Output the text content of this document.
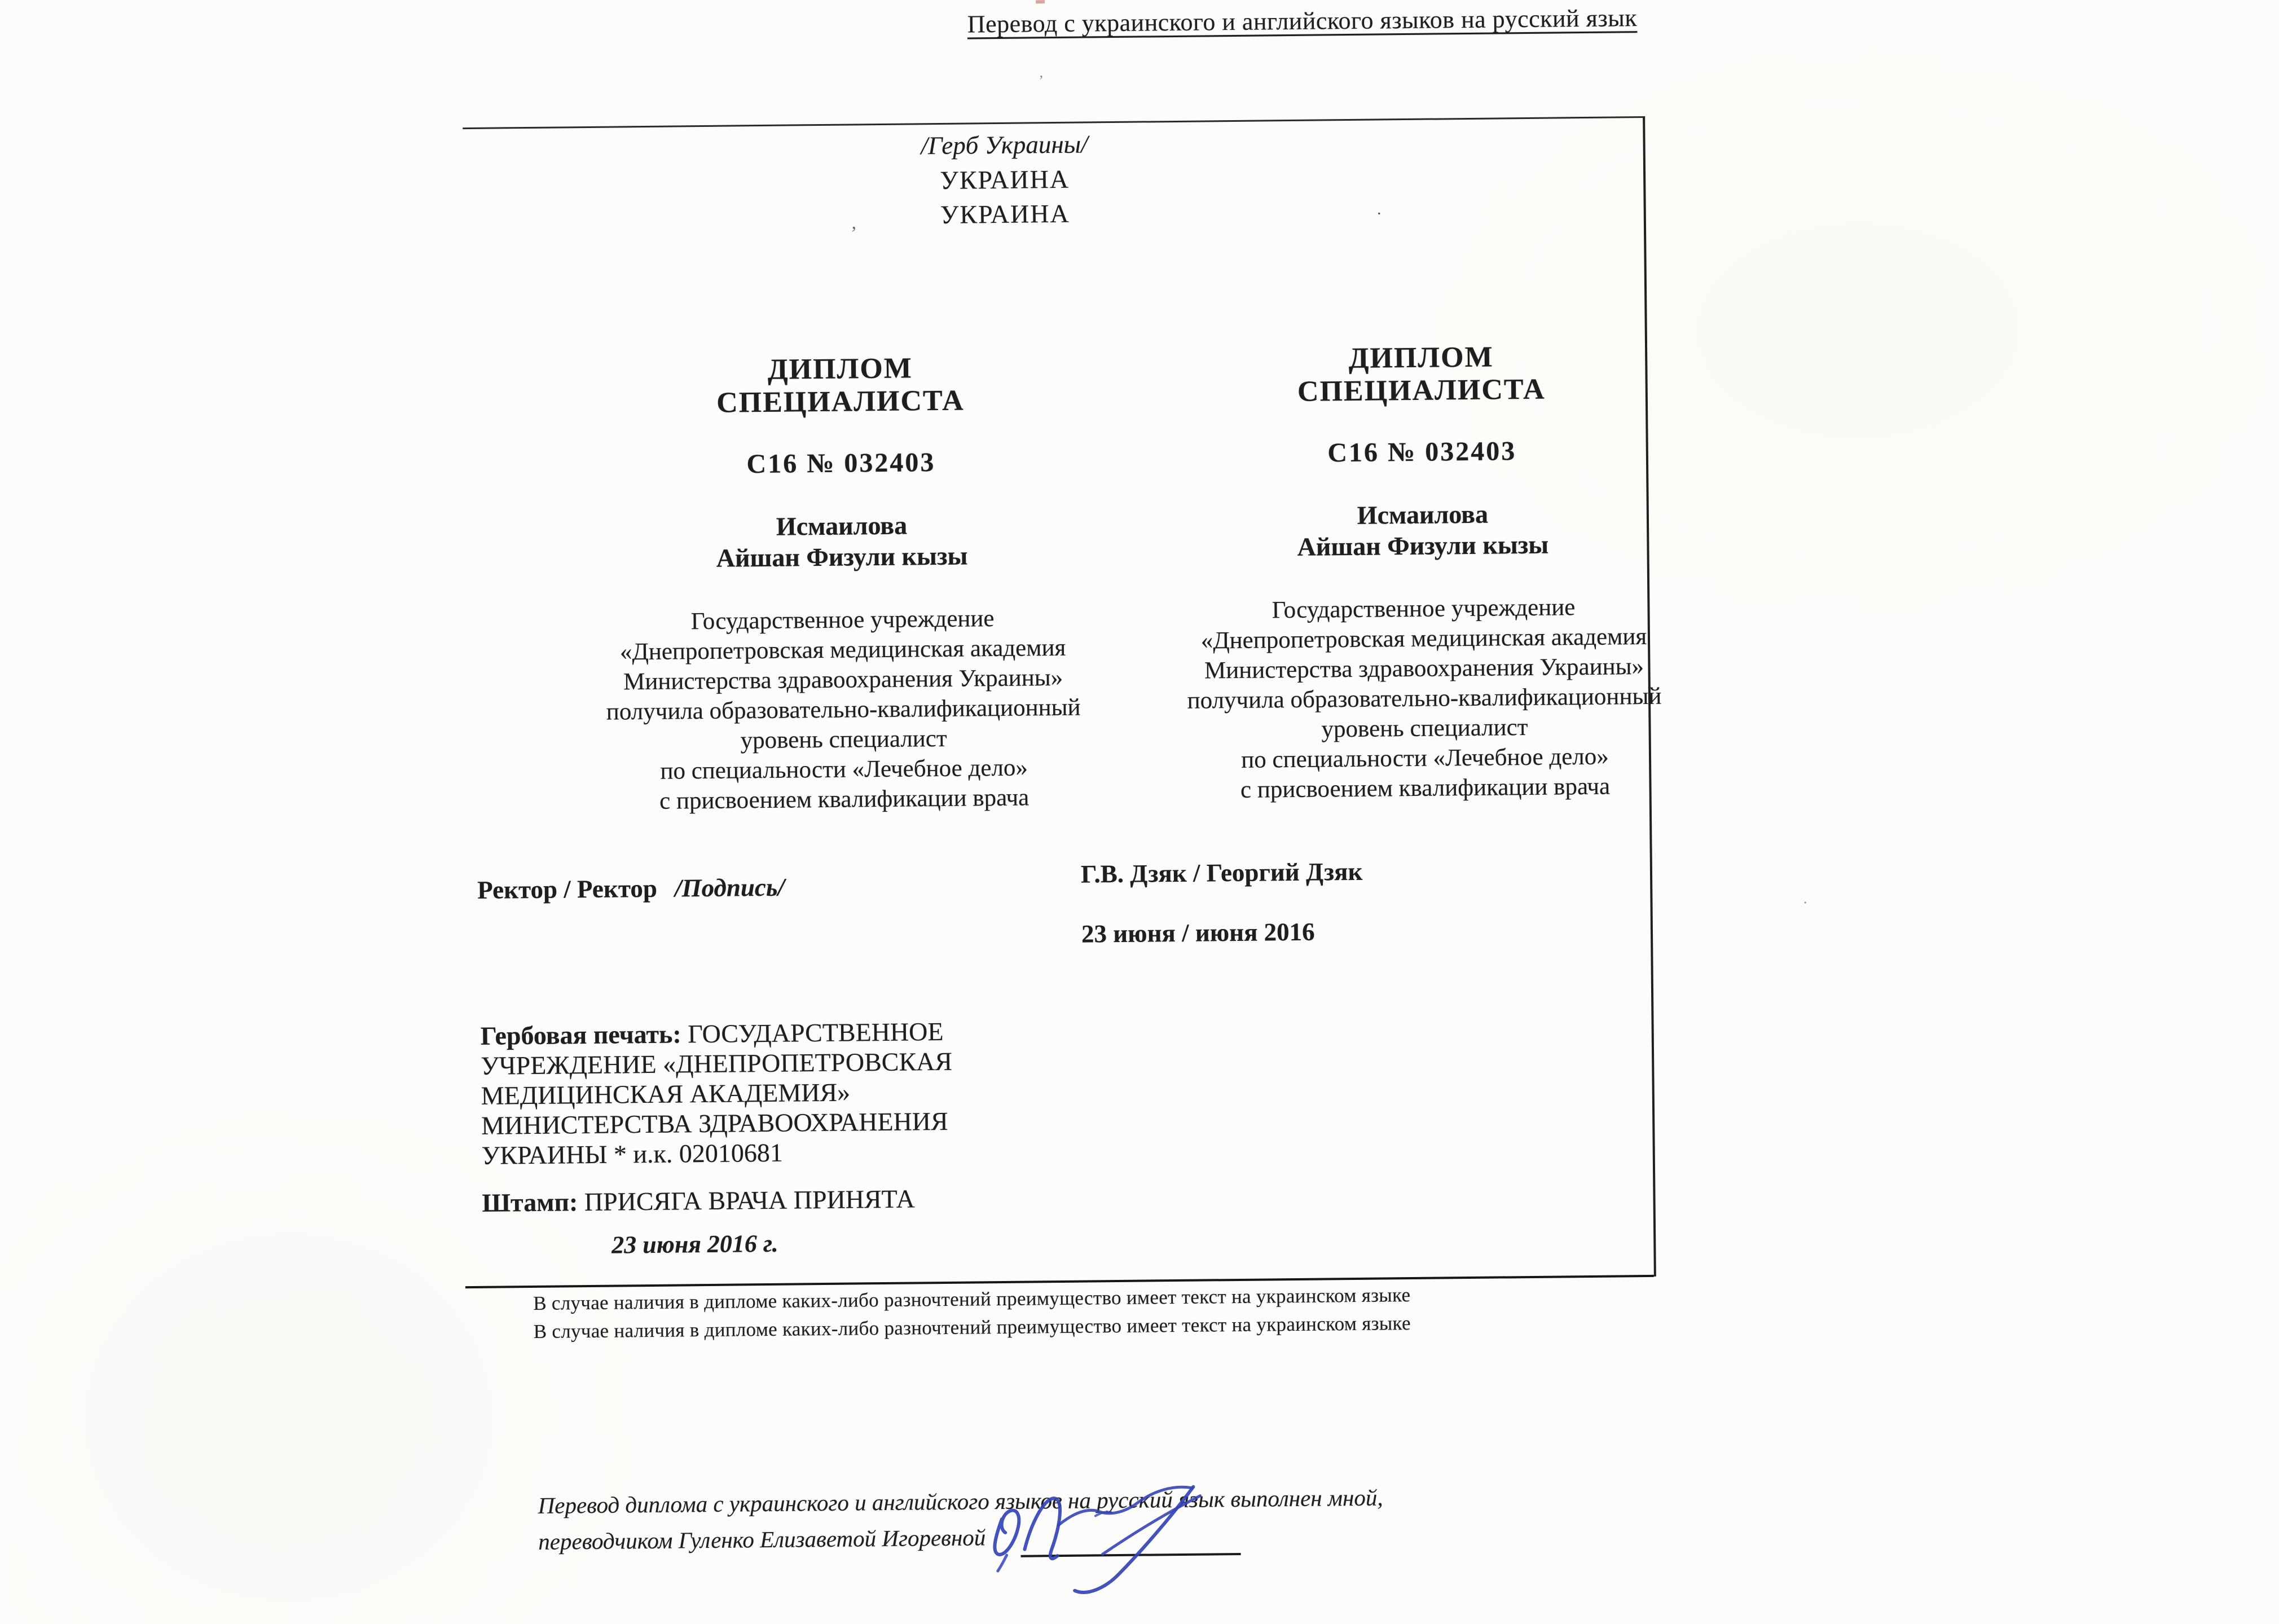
Перевод с украинского и английского языков на русский язык
/Герб Украины/
УКРАИНА
УКРАИНА
ДИПЛОМ
СПЕЦИАЛИСТА
С16 № 032403
Исмаилова
Айшан Физули кызы
Государственное учреждение
«Днепропетровская медицинская академия
Министерства здравоохранения Украины»
получила образовательно-квалификационный
уровень специалист
по специальности «Лечебное дело»
с присвоением квалификации врача
ДИПЛОМ
СПЕЦИАЛИСТА
С16 № 032403
Исмаилова
Айшан Физули кызы
Государственное учреждение
«Днепропетровская медицинская академия
Министерства здравоохранения Украины»
получила образовательно-квалификационный
уровень специалист
по специальности «Лечебное дело»
с присвоением квалификации врача
Ректор / Ректор /Подпись/	Г.В. Дзяк / Георгий Дзяк
23 июня / июня 2016
Гербовая печать: ГОСУДАРСТВЕННОЕ
УЧРЕЖДЕНИЕ «ДНЕПРОПЕТРОВСКАЯ
МЕДИЦИНСКАЯ АКАДЕМИЯ»
МИНИСТЕРСТВА ЗДРАВООХРАНЕНИЯ
УКРАИНЫ * и.к. 02010681
Штамп: ПРИСЯГА ВРАЧА ПРИНЯТА
23 июня 2016 г.
В случае наличия в дипломе каких-либо разночтений преимущество имеет текст на украинском языке
В случае наличия в дипломе каких-либо разночтений преимущество имеет текст на украинском языке
Перевод диплома с украинского и английского языков на русский язык выполнен мной,
переводчиком Гуленко Елизаветой Игоревной
’
·
·
’
